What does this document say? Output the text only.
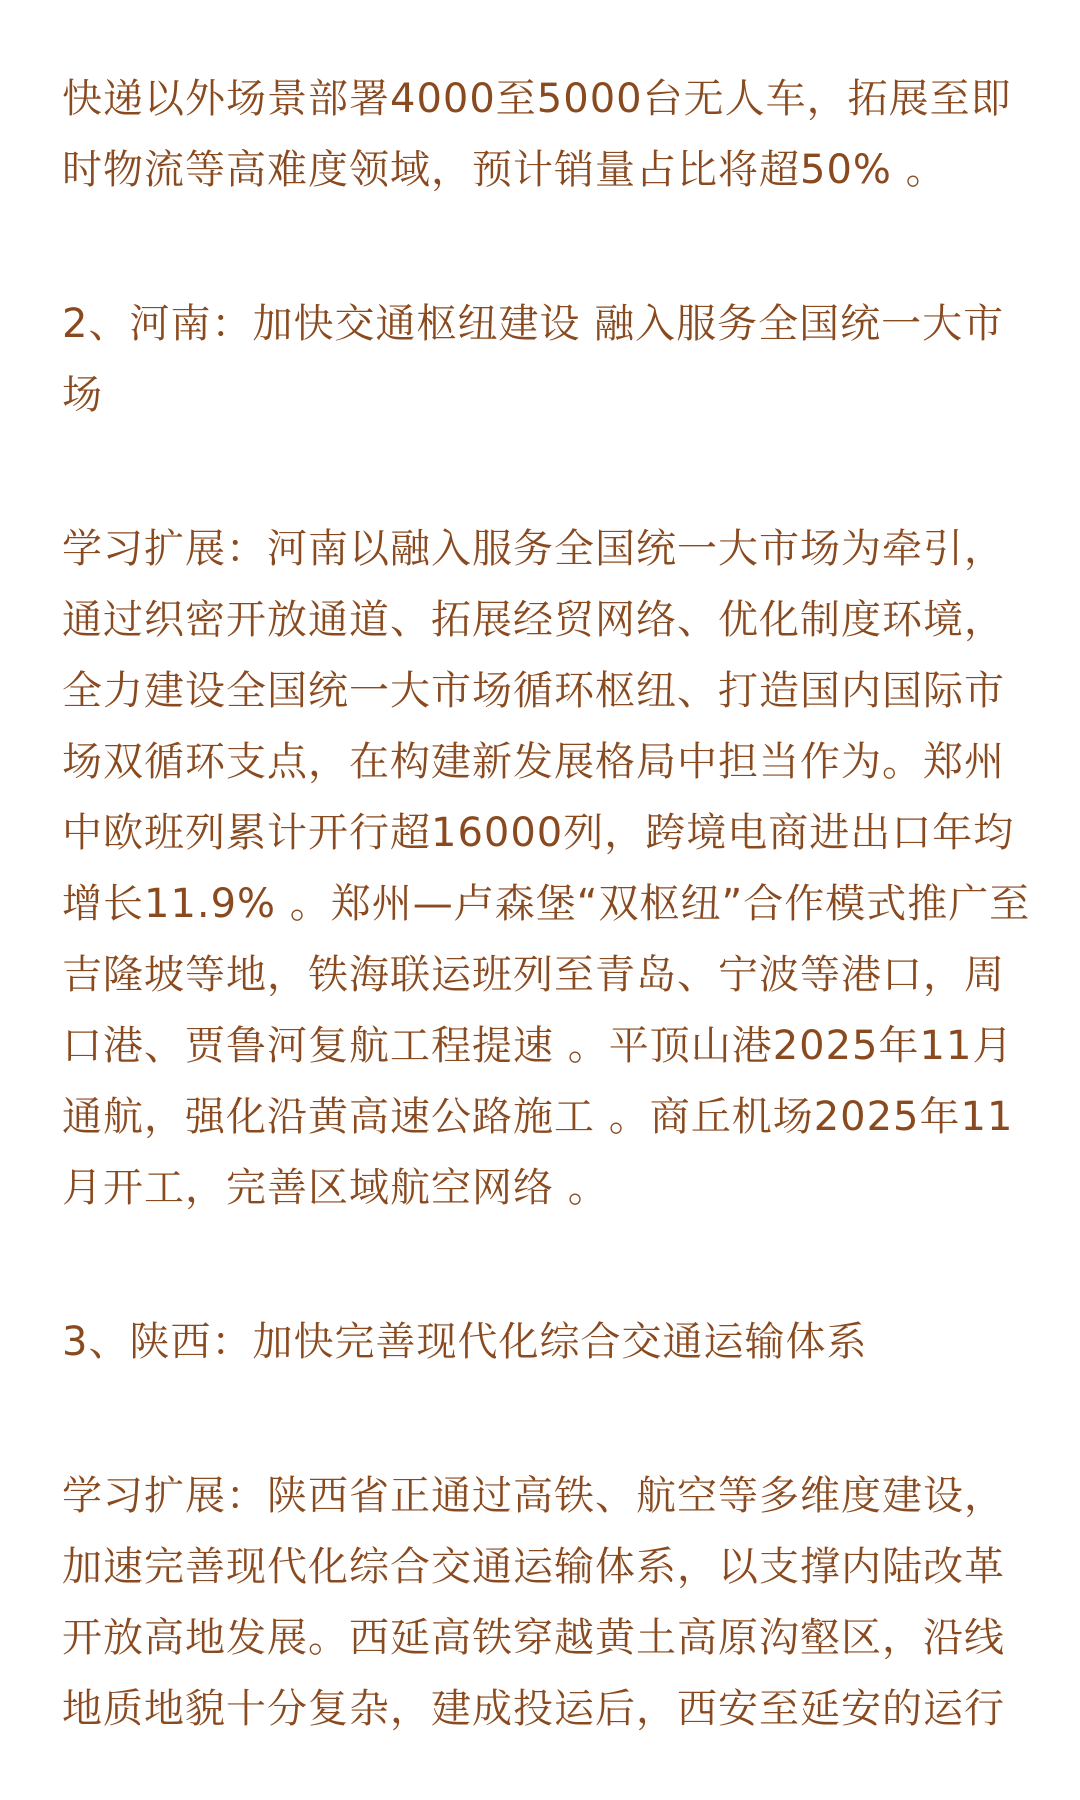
快递以外场景部署4000至5000台无人车，拓展至即时物流等高难度领域，预计销量占比将超50% 。

2、河南：加快交通枢纽建设 融入服务全国统一大市场

学习扩展：河南以融入服务全国统一大市场为牵引，通过织密开放通道、拓展经贸网络、优化制度环境，全力建设全国统一大市场循环枢纽、打造国内国际市场双循环支点，在构建新发展格局中担当作为。郑州中欧班列累计开行超16000列，跨境电商进出口年均增长11.9% 。郑州—卢森堡“双枢纽”合作模式推广至吉隆坡等地，铁海联运班列至青岛、宁波等港口，周口港、贾鲁河复航工程提速 。平顶山港2025年11月通航，强化沿黄高速公路施工 。商丘机场2025年11月开工，完善区域航空网络 。

3、陕西：加快完善现代化综合交通运输体系

学习扩展：陕西省正通过高铁、航空等多维度建设，加速完善现代化综合交通运输体系，以支撑内陆改革开放高地发展。西延高铁穿越黄土高原沟壑区，沿线地质地貌十分复杂，建成投运后，西安至延安的运行
